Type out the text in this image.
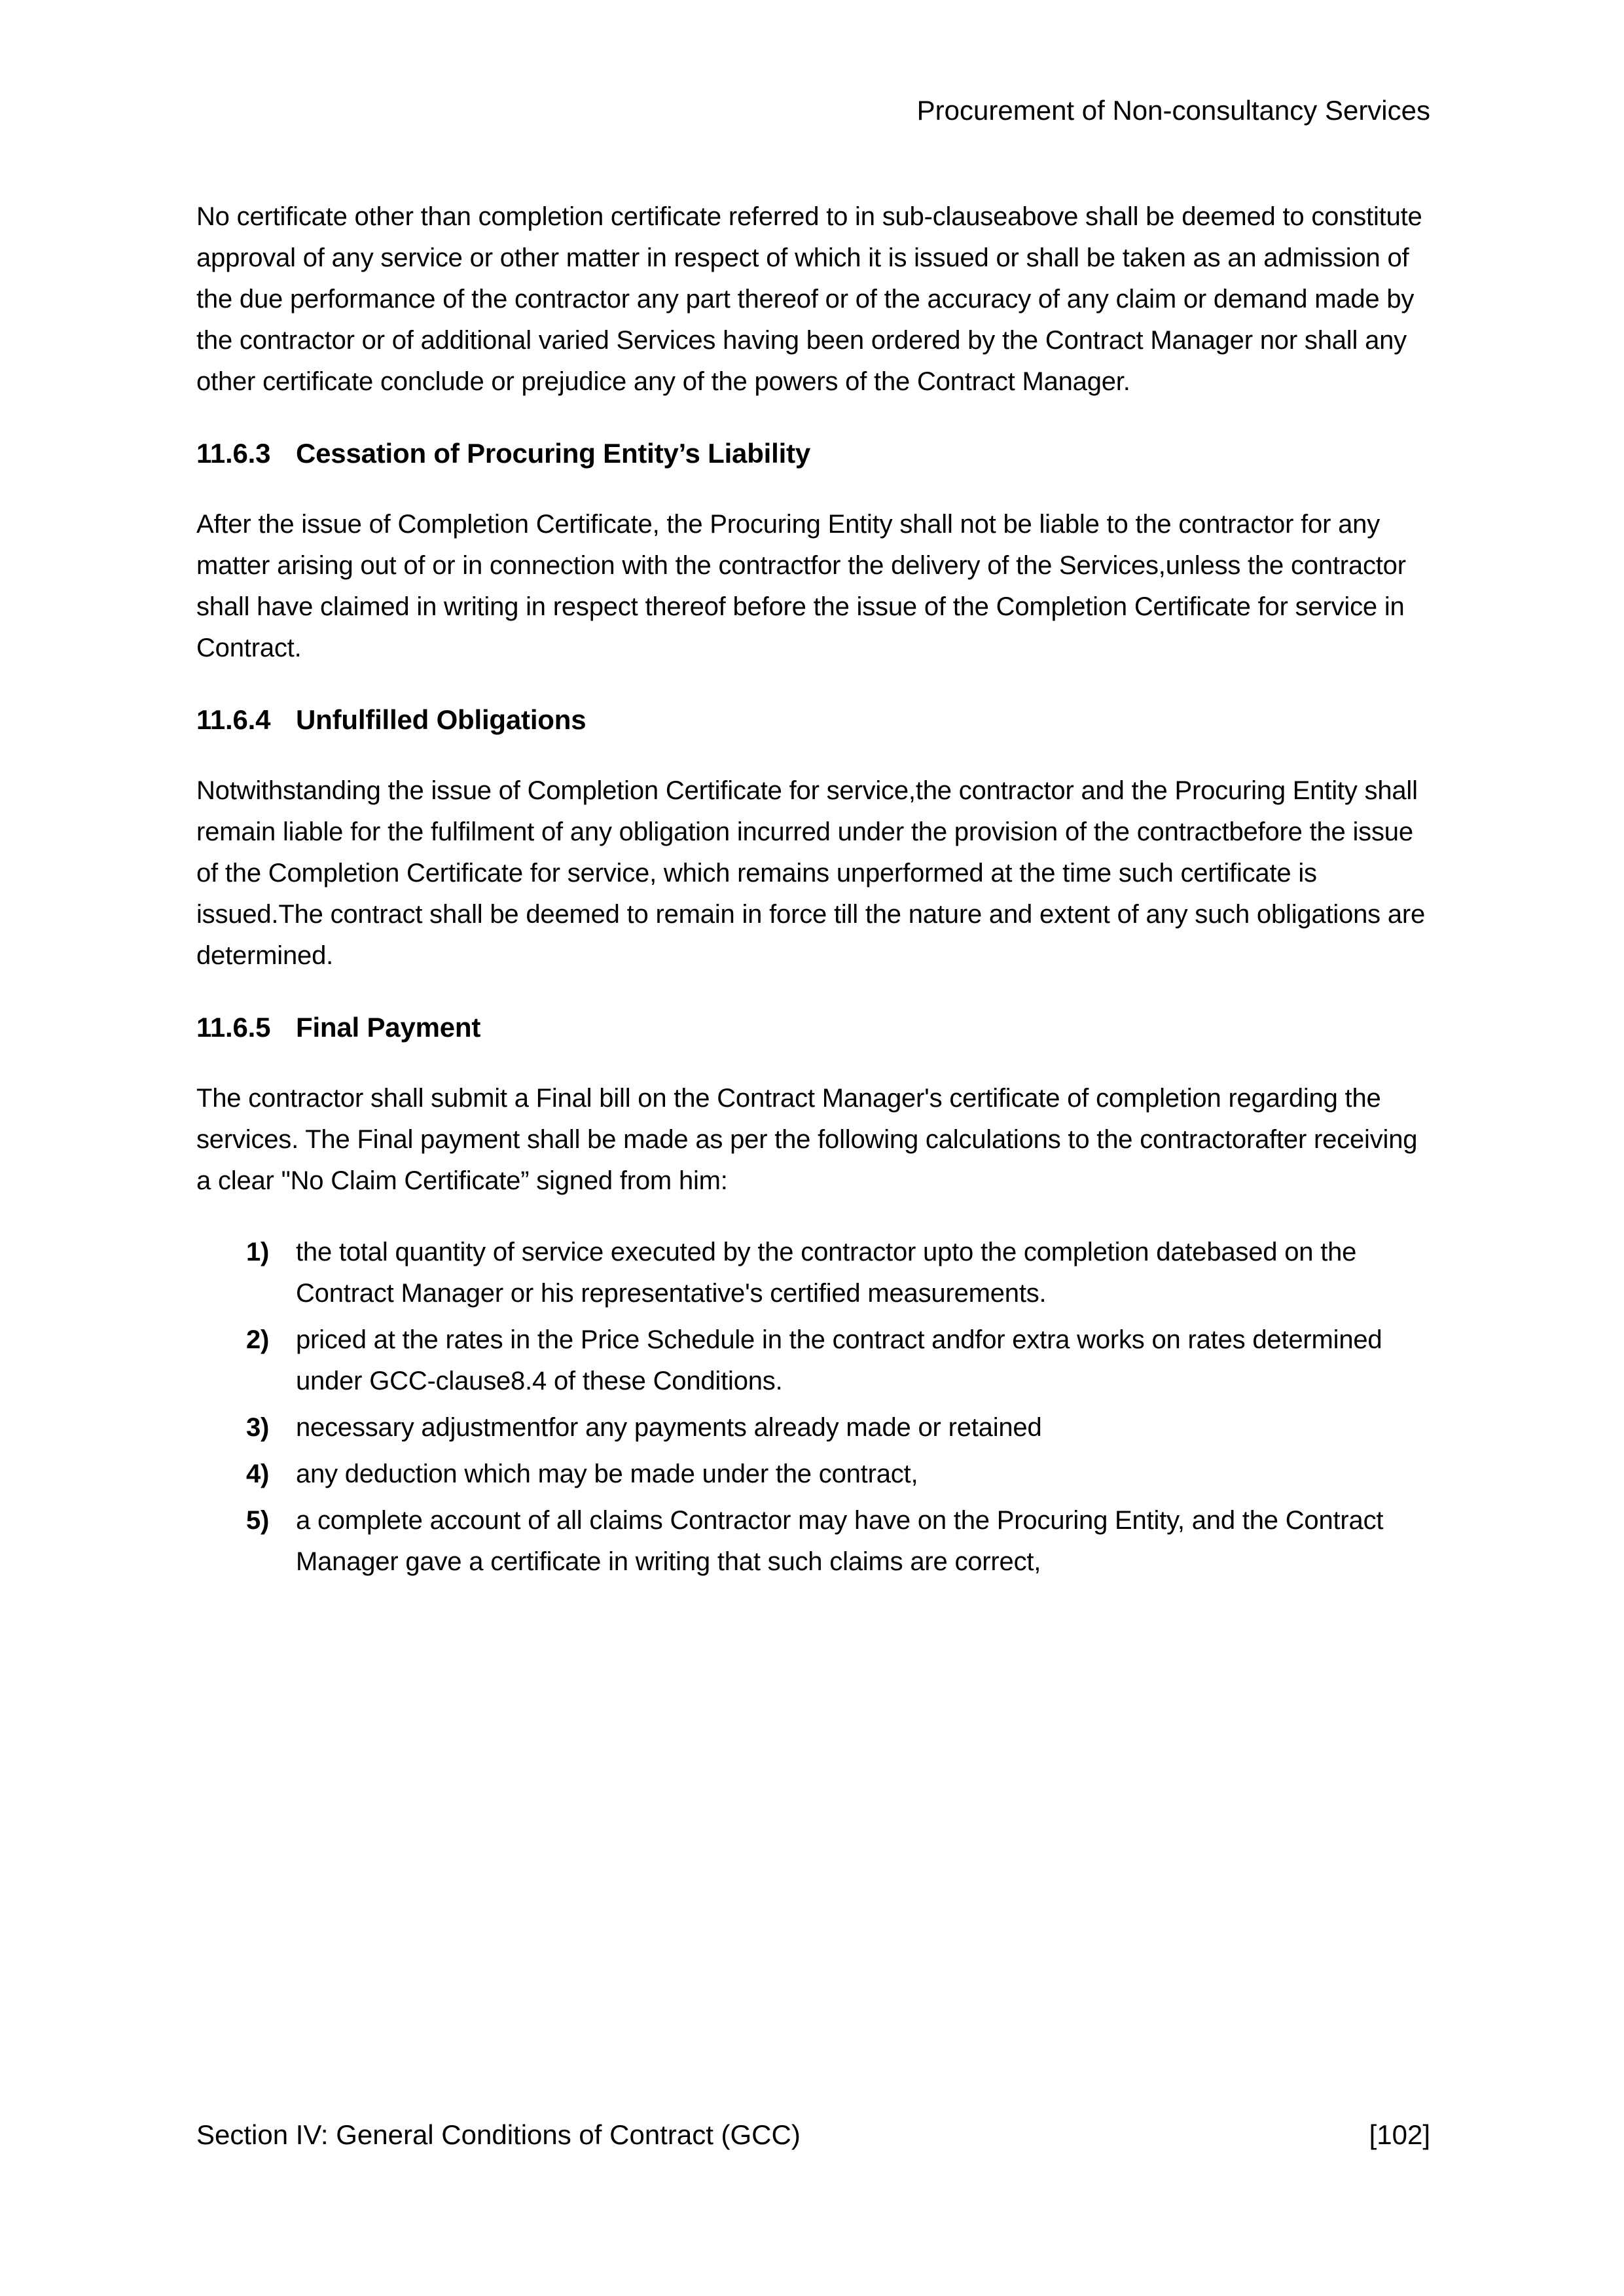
Procurement of Non-consultancy Services

No certificate other than completion certificate referred to in sub-clauseabove shall be deemed to constitute approval of any service or other matter in respect of which it is issued or shall be taken as an admission of the due performance of the contractor any part thereof or of the accuracy of any claim or demand made by the contractor or of additional varied Services having been ordered by the Contract Manager nor shall any other certificate conclude or prejudice any of the powers of the Contract Manager.

11.6.3 Cessation of Procuring Entity’s Liability

After the issue of Completion Certificate, the Procuring Entity shall not be liable to the contractor for any matter arising out of or in connection with the contractfor the delivery of the Services,unless the contractor shall have claimed in writing in respect thereof before the issue of the Completion Certificate for service in Contract.

11.6.4 Unfulfilled Obligations

Notwithstanding the issue of Completion Certificate for service,the contractor and the Procuring Entity shall remain liable for the fulfilment of any obligation incurred under the provision of the contractbefore the issue of the Completion Certificate for service, which remains unperformed at the time such certificate is issued.The contract shall be deemed to remain in force till the nature and extent of any such obligations are determined.

11.6.5 Final Payment

The contractor shall submit a Final bill on the Contract Manager's certificate of completion regarding the services. The Final payment shall be made as per the following calculations to the contractorafter receiving a clear "No Claim Certificate” signed from him:

1) the total quantity of service executed by the contractor upto the completion datebased on the Contract Manager or his representative's certified measurements.
2) priced at the rates in the Price Schedule in the contract andfor extra works on rates determined under GCC-clause8.4 of these Conditions.
3) necessary adjustmentfor any payments already made or retained
4) any deduction which may be made under the contract,
5) a complete account of all claims Contractor may have on the Procuring Entity, and the Contract Manager gave a certificate in writing that such claims are correct,
Section IV: General Conditions of Contract (GCC)	[102]
